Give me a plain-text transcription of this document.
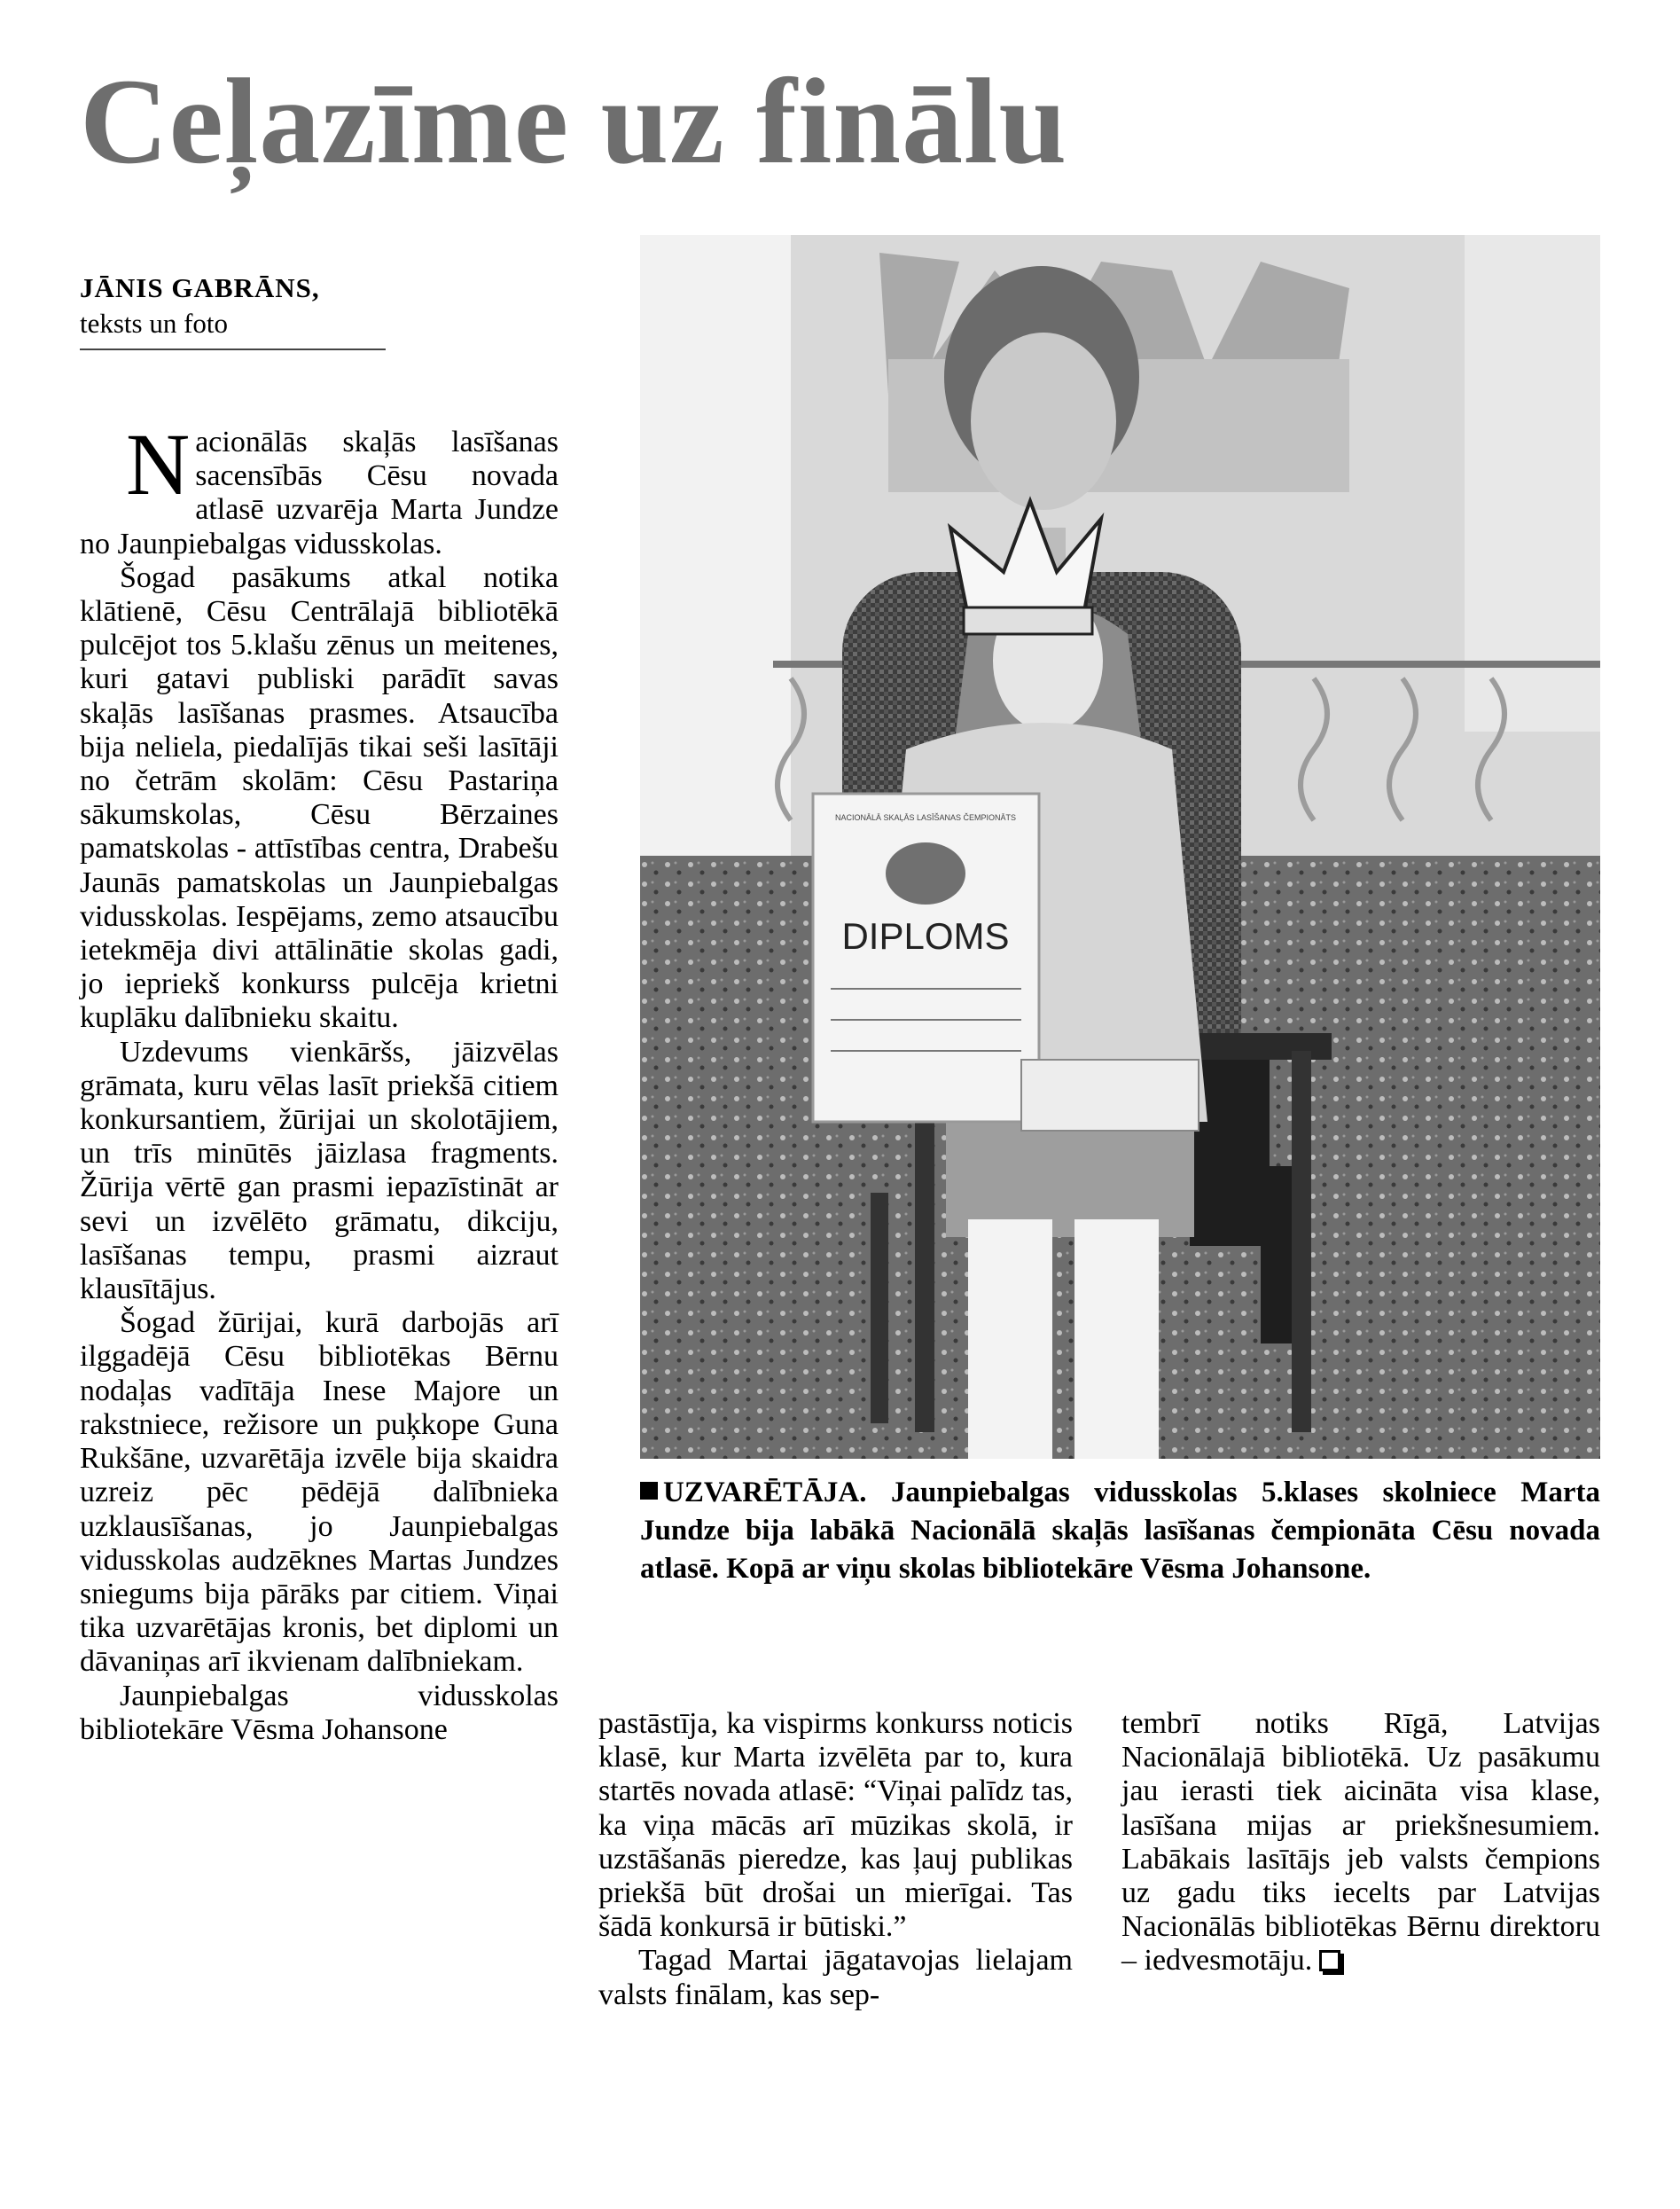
Ceļazīme uz finālu
JĀNIS GABRĀNS,
teksts un foto

Nacionālās skaļās lasīšanas sacensībās Cēsu novada atlasē uzvarēja Marta Jundze no Jaunpiebalgas vidusskolas.

Šogad pasākums atkal notika klātienē, Cēsu Centrālajā bibliotēkā pulcējot tos 5.klašu zēnus un meitenes, kuri gatavi publiski parādīt savas skaļās lasīšanas prasmes. Atsaucība bija neliela, piedalījās tikai seši lasītāji no četrām skolām: Cēsu Pastariņa sākumskolas, Cēsu Bērzaines pamatskolas - attīstības centra, Drabešu Jaunās pamatskolas un Jaunpiebalgas vidusskolas. Iespējams, zemo atsaucību ietekmēja divi attālinātie skolas gadi, jo iepriekš konkurss pulcēja krietni kuplāku dalībnieku skaitu.

Uzdevums vienkāršs, jāizvēlas grāmata, kuru vēlas lasīt priekšā citiem konkursantiem, žūrijai un skolotājiem, un trīs minūtēs jāizlasa fragments. Žūrija vērtē gan prasmi iepazīstināt ar sevi un izvēlēto grāmatu, dikciju, lasīšanas tempu, prasmi aizraut klausītājus.

Šogad žūrijai, kurā darbojās arī ilggadējā Cēsu bibliotēkas Bērnu nodaļas vadītāja Inese Majore un rakstniece, režisore un puķkope Guna Rukšāne, uzvarētāja izvēle bija skaidra uzreiz pēc pēdējā dalībnieka uzklausīšanas, jo Jaunpiebalgas vidusskolas audzēknes Martas Jundzes sniegums bija pārāks par citiem. Viņai tika uzvarētājas kronis, bet diplomi un dāvaniņas arī ikvienam dalībniekam.

Jaunpiebalgas vidusskolas bibliotekāre Vēsma Johansone

NACIONĀLĀ SKAĻĀS LASĪŠANAS ČEMPIONĀTS
DIPLOMS
UZVARĒTĀJA. Jaunpiebalgas vidusskolas 5.klases skolniece Marta Jundze bija labākā Nacionālā skaļās lasīšanas čempionāta Cēsu novada atlasē. Kopā ar viņu skolas bibliotekāre Vēsma Johansone.

pastāstīja, ka vispirms konkurss noticis klasē, kur Marta izvēlēta par to, kura startēs novada atlasē: “Viņai palīdz tas, ka viņa mācās arī mūzikas skolā, ir uzstāšanās pieredze, kas ļauj publikas priekšā būt drošai un mierīgai. Tas šādā konkursā ir būtiski.”

Tagad Martai jāgatavojas lielajam valsts finālam, kas sep-

tembrī notiks Rīgā, Latvijas Nacionālajā bibliotēkā. Uz pasākumu jau ierasti tiek aicināta visa klase, lasīšana mijas ar priekšnesumiem. Labākais lasītājs jeb valsts čempions uz gadu tiks iecelts par Latvijas Nacionālās bibliotēkas Bērnu direktoru – iedvesmotāju.
